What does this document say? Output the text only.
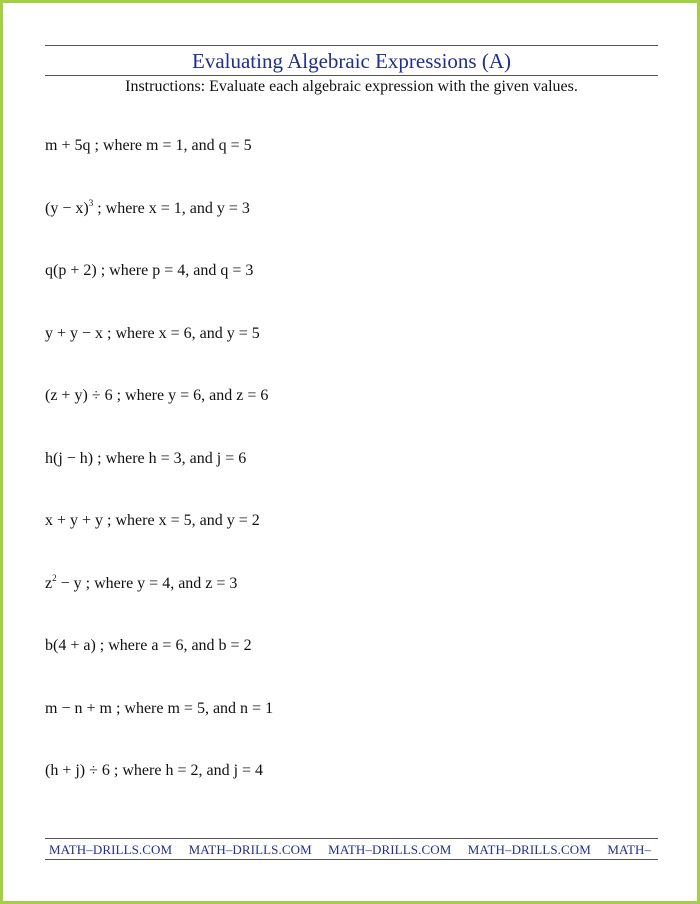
Evaluating Algebraic Expressions (A)
Instructions: Evaluate each algebraic expression with the given values.
m + 5q ; where m = 1, and q = 5
$(y - x)^3$ ; where x = 1, and y = 3
q(p + 2) ; where p = 4, and q = 3
y + y − x ; where x = 6, and y = 5
(z + y) ÷ 6 ; where y = 6, and z = 6
h(j − h) ; where h = 3, and j = 6
x + y + y ; where x = 5, and y = 2
$z^2 - y$ ; where y = 4, and z = 3
b(4 + a) ; where a = 6, and b = 2
m − n + m ; where m = 5, and n = 1
(h + j) ÷ 6 ; where h = 2, and j = 4
MATH–DRILLS.COM MATH–DRILLS.COM MATH–DRILLS.COM MATH–DRILLS.COM MATH–
